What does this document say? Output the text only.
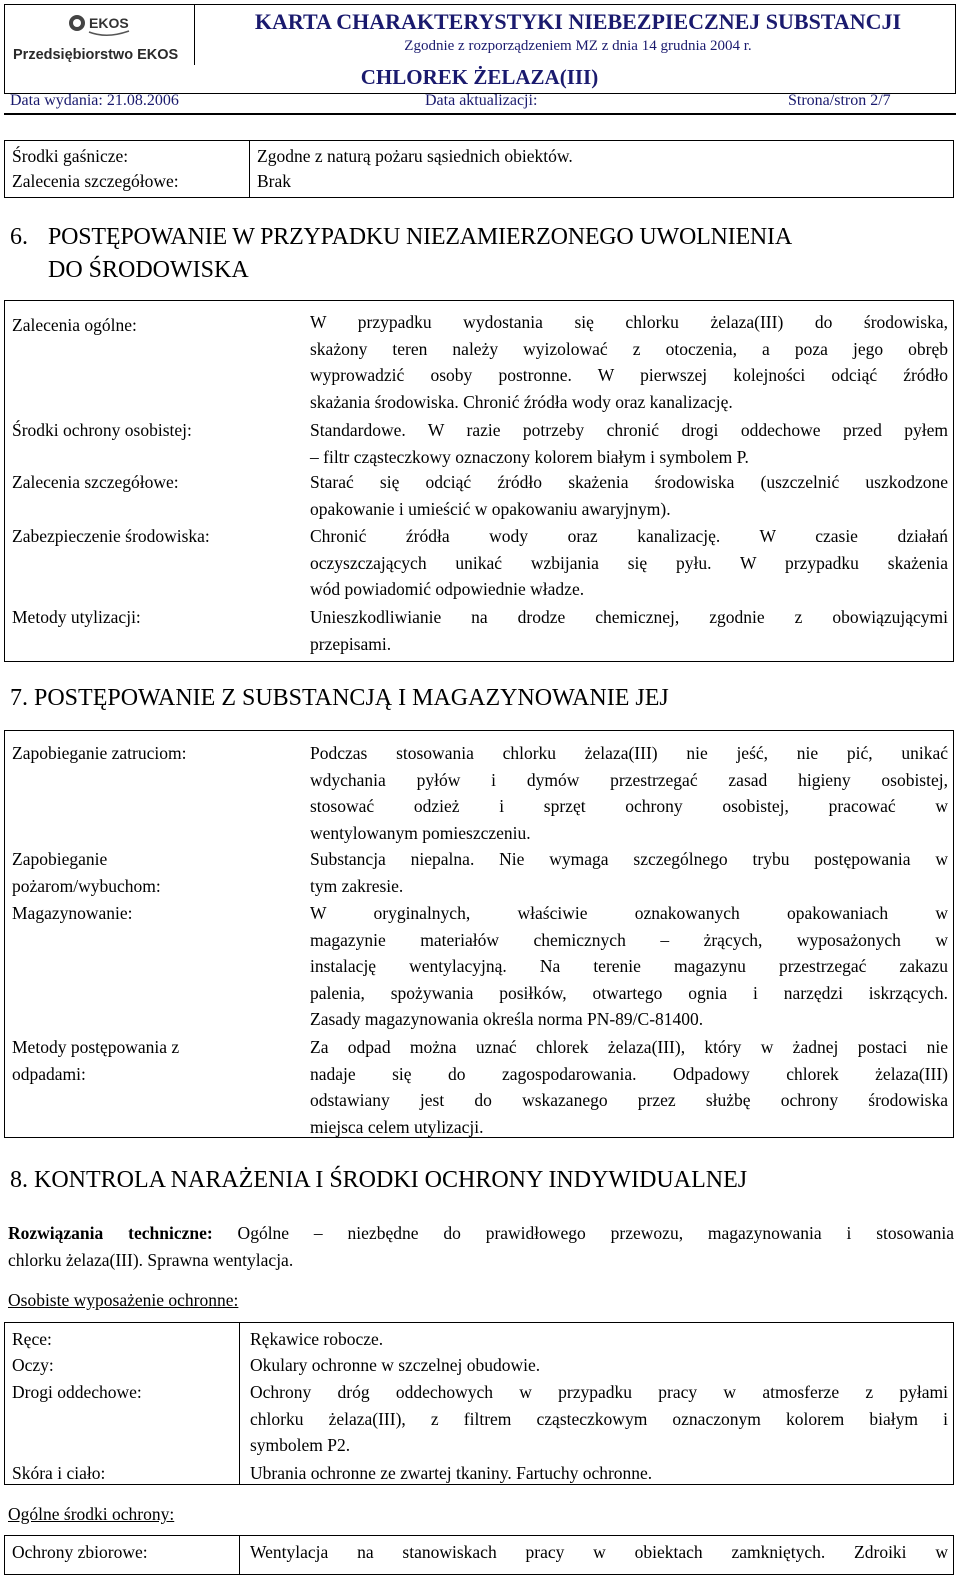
EKOS
Przedsiębiorstwo EKOS
KARTA CHARAKTERYSTYKI NIEBEZPIECZNEJ SUBSTANCJI
Zgodnie z rozporządzeniem MZ z dnia 14 grudnia 2004 r.
CHLOREK ŻELAZA(III)
Data wydania: 21.08.2006	Data aktualizacji:	Strona/stron 2/7
Środki gaśnicze:	Zgodne z naturą pożaru sąsiednich obiektów.
Zalecenia szczegółowe:	Brak
6. POSTĘPOWANIE W PRZYPADKU NIEZAMIERZONEGO UWOLNIENIA
DO ŚRODOWISKA
Zalecenia ogólne:	W przypadku wydostania się chlorku żelaza(III) do środowiska,
skażony teren należy wyizolować z otoczenia, a poza jego obręb
wyprowadzić osoby postronne. W pierwszej kolejności odciąć źródło
skażania środowiska. Chronić źródła wody oraz kanalizację.
Środki ochrony osobistej:	Standardowe. W razie potrzeby chronić drogi oddechowe przed pyłem
– filtr cząsteczkowy oznaczony kolorem białym i symbolem P.
Zalecenia szczegółowe:	Starać się odciąć źródło skażenia środowiska (uszczelnić uszkodzone
opakowanie i umieścić w opakowaniu awaryjnym).
Zabezpieczenie środowiska:	Chronić źródła wody oraz kanalizację. W czasie działań
oczyszczających unikać wzbijania się pyłu. W przypadku skażenia
wód powiadomić odpowiednie władze.
Metody utylizacji:	Unieszkodliwianie na drodze chemicznej, zgodnie z obowiązującymi
przepisami.
7. POSTĘPOWANIE Z SUBSTANCJĄ I MAGAZYNOWANIE JEJ
Zapobieganie zatruciom:	Podczas stosowania chlorku żelaza(III) nie jeść, nie pić, unikać
wdychania pyłów i dymów przestrzegać zasad higieny osobistej,
stosować odzież i sprzęt ochrony osobistej, pracować w
wentylowanym pomieszczeniu.
Zapobieganie
pożarom/wybuchom:
Substancja niepalna. Nie wymaga szczególnego trybu postępowania w
tym zakresie.
Magazynowanie:	W oryginalnych, właściwie oznakowanych opakowaniach w
magazynie materiałów chemicznych – żrących, wyposażonych w
instalację wentylacyjną. Na terenie magazynu przestrzegać zakazu
palenia, spożywania posiłków, otwartego ognia i narzędzi iskrzących.
Zasady magazynowania określa norma PN-89/C-81400.
Metody postępowania z
odpadami:
Za odpad można uznać chlorek żelaza(III), który w żadnej postaci nie
nadaje się do zagospodarowania. Odpadowy chlorek żelaza(III)
odstawiany jest do wskazanego przez służbę ochrony środowiska
miejsca celem utylizacji.
8. KONTROLA NARAŻENIA I ŚRODKI OCHRONY INDYWIDUALNEJ
Rozwiązania techniczne: Ogólne – niezbędne do prawidłowego przewozu, magazynowania i stosowania
chlorku żelaza(III). Sprawna wentylacja.
Osobiste wyposażenie ochronne:
Ręce:	Rękawice robocze.
Oczy:	Okulary ochronne w szczelnej obudowie.
Drogi oddechowe:	Ochrony dróg oddechowych w przypadku pracy w atmosferze z pyłami
chlorku żelaza(III), z filtrem cząsteczkowym oznaczonym kolorem białym i
symbolem P2.
Skóra i ciało:	Ubrania ochronne ze zwartej tkaniny. Fartuchy ochronne.
Ogólne środki ochrony:
Ochrony zbiorowe:	Wentylacja na stanowiskach pracy w obiektach zamkniętych. Zdroiki w
